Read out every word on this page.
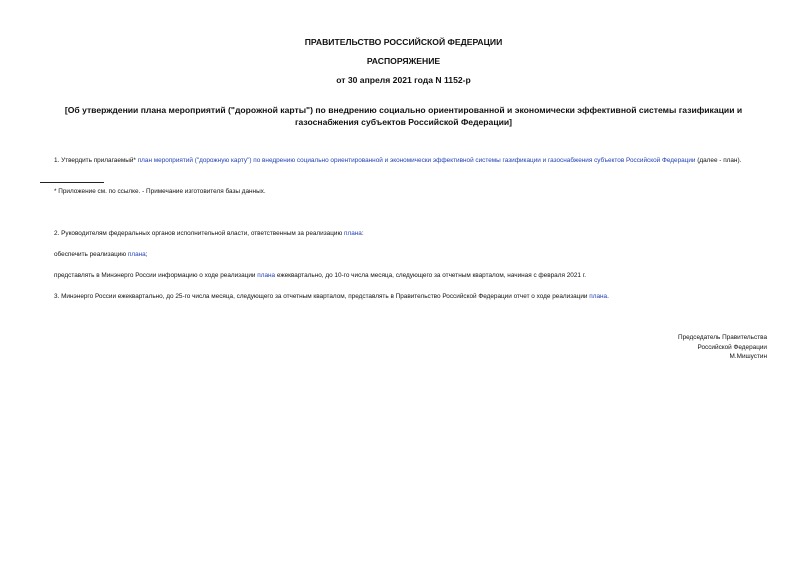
ПРАВИТЕЛЬСТВО РОССИЙСКОЙ ФЕДЕРАЦИИ
РАСПОРЯЖЕНИЕ
от 30 апреля 2021 года N 1152-р
[Об утверждении плана мероприятий ("дорожной карты") по внедрению социально ориентированной и экономически эффективной системы газификации и
газоснабжения субъектов Российской Федерации]
1. Утвердить прилагаемый* план мероприятий ("дорожную карту") по внедрению социально ориентированной и экономически эффективной системы газификации и газоснабжения субъектов Российской Федерации (далее - план).
* Приложение см. по ссылке. - Примечание изготовителя базы данных.
2. Руководителям федеральных органов исполнительной власти, ответственным за реализацию плана:
обеспечить реализацию плана;
представлять в Минэнерго России информацию о ходе реализации плана ежеквартально, до 10-го числа месяца, следующего за отчетным кварталом, начиная с февраля 2021 г.
3. Минэнерго России ежеквартально, до 25-го числа месяца, следующего за отчетным кварталом, представлять в Правительство Российской Федерации отчет о ходе реализации плана.
Председатель Правительства
Российской Федерации
М.Мишустин
